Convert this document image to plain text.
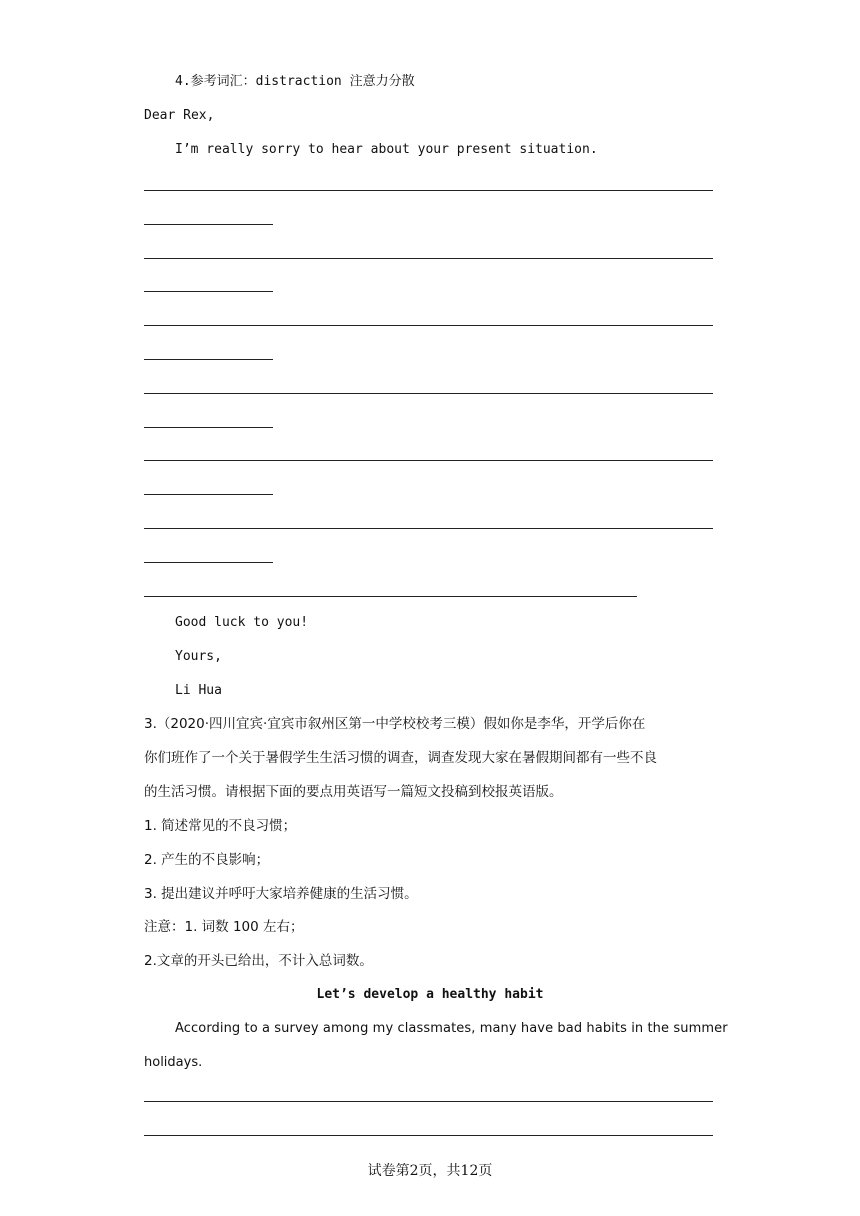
4.参考词汇：distraction 注意力分散
Dear Rex,
I’m really sorry to hear about your present situation.
Good luck to you!
Yours,
Li Hua
3.（2020·四川宜宾·宜宾市叙州区第一中学校校考三模）假如你是李华，开学后你在
你们班作了一个关于暑假学生生活习惯的调查，调查发现大家在暑假期间都有一些不良
的生活习惯。请根据下面的要点用英语写一篇短文投稿到校报英语版。
1. 简述常见的不良习惯；
2. 产生的不良影响；
3. 提出建议并呼吁大家培养健康的生活习惯。
注意：1. 词数 100 左右；
2.文章的开头已给出，不计入总词数。
Let’s develop a healthy habit
According to a survey among my classmates, many have bad habits in the summer
holidays.
试卷第2页，共12页
